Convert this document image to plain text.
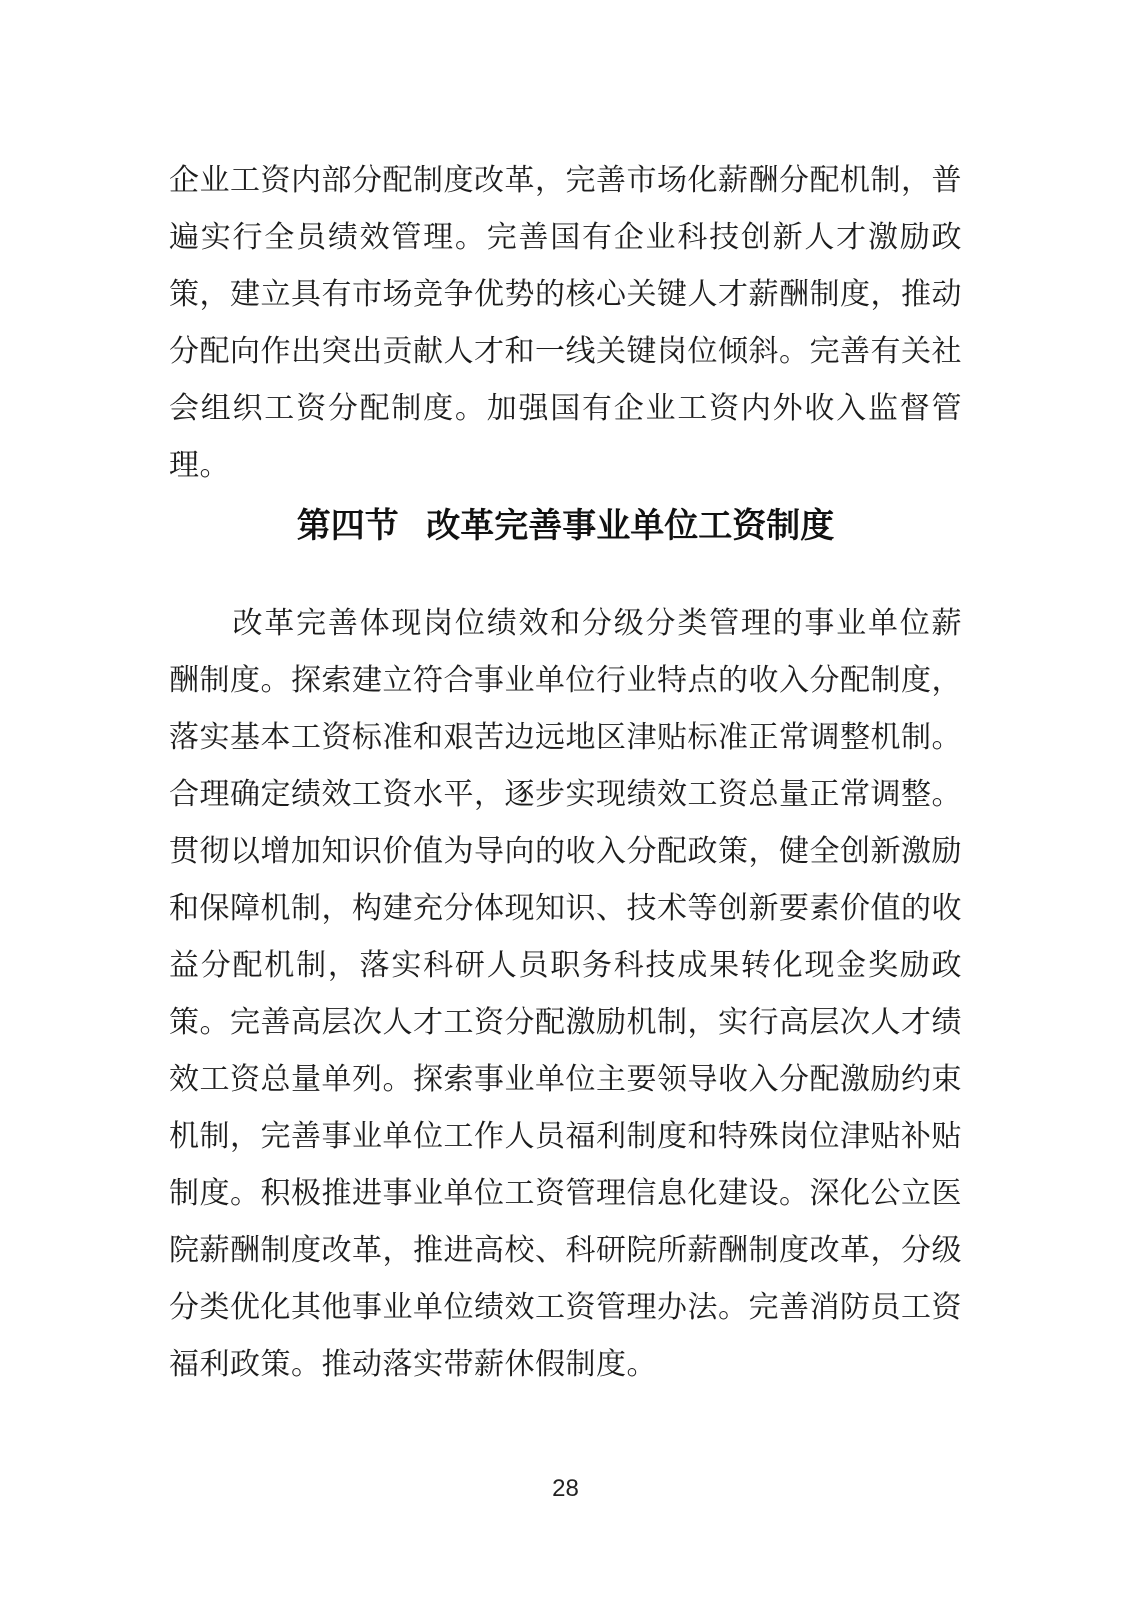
企业工资内部分配制度改革，完善市场化薪酬分配机制，普
遍实行全员绩效管理。完善国有企业科技创新人才激励政
策，建立具有市场竞争优势的核心关键人才薪酬制度，推动
分配向作出突出贡献人才和一线关键岗位倾斜。完善有关社
会组织工资分配制度。加强国有企业工资内外收入监督管
理。
第四节 改革完善事业单位工资制度
　　改革完善体现岗位绩效和分级分类管理的事业单位薪
酬制度。探索建立符合事业单位行业特点的收入分配制度，
落实基本工资标准和艰苦边远地区津贴标准正常调整机制。
合理确定绩效工资水平，逐步实现绩效工资总量正常调整。
贯彻以增加知识价值为导向的收入分配政策，健全创新激励
和保障机制，构建充分体现知识、技术等创新要素价值的收
益分配机制，落实科研人员职务科技成果转化现金奖励政
策。完善高层次人才工资分配激励机制，实行高层次人才绩
效工资总量单列。探索事业单位主要领导收入分配激励约束
机制，完善事业单位工作人员福利制度和特殊岗位津贴补贴
制度。积极推进事业单位工资管理信息化建设。深化公立医
院薪酬制度改革，推进高校、科研院所薪酬制度改革，分级
分类优化其他事业单位绩效工资管理办法。完善消防员工资
福利政策。推动落实带薪休假制度。
28
